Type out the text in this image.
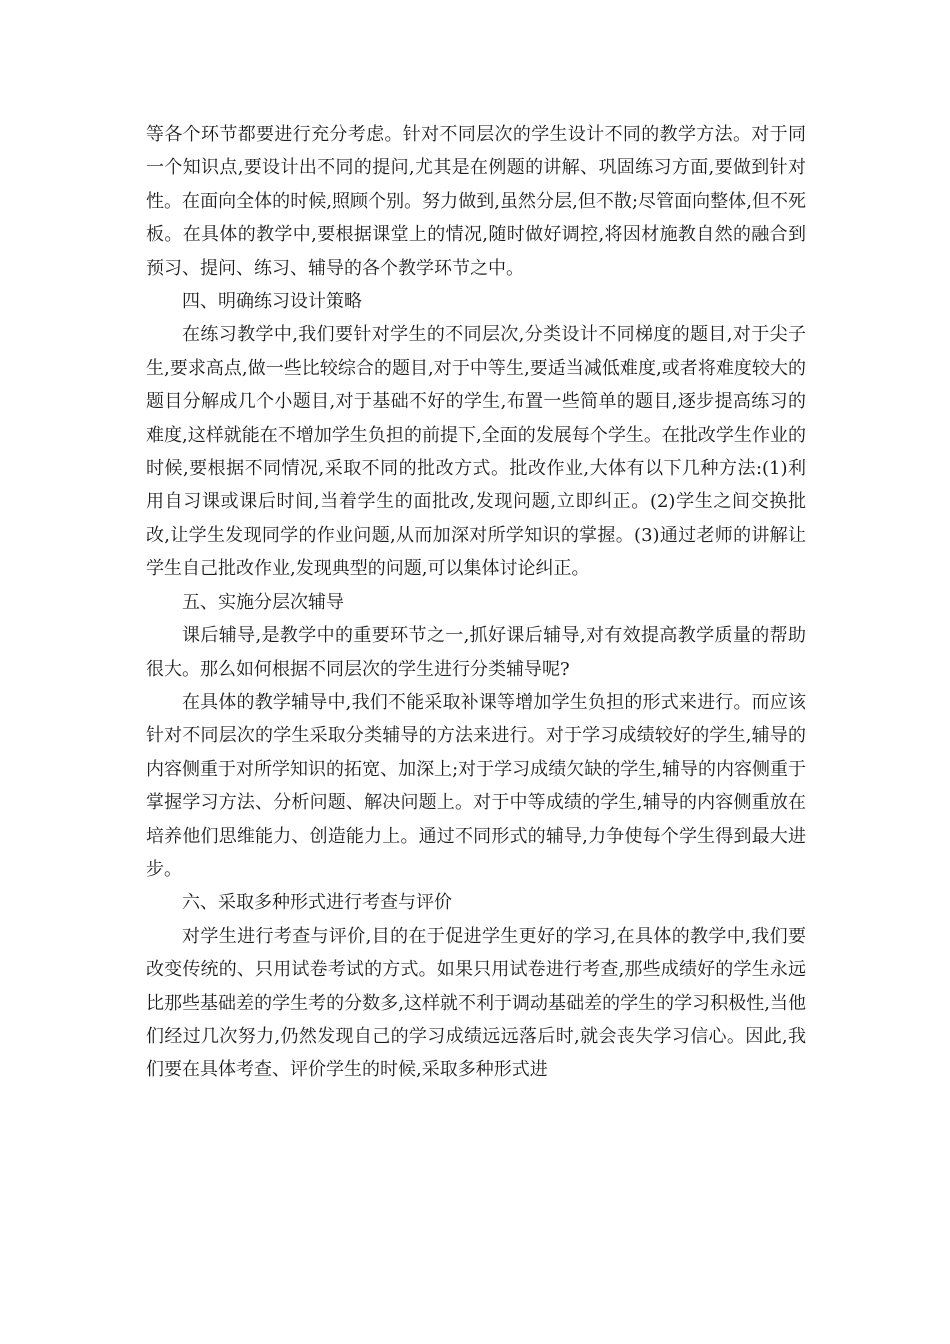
等各个环节都要进行充分考虑。针对不同层次的学生设计不同的教学方法。对于同一个知识点,要设计出不同的提问,尤其是在例题的讲解、巩固练习方面,要做到针对性。在面向全体的时候,照顾个别。努力做到,虽然分层,但不散;尽管面向整体,但不死板。在具体的教学中,要根据课堂上的情况,随时做好调控,将因材施教自然的融合到预习、提问、练习、辅导的各个教学环节之中。

四、明确练习设计策略

在练习教学中,我们要针对学生的不同层次,分类设计不同梯度的题目,对于尖子生,要求高点,做一些比较综合的题目,对于中等生,要适当减低难度,或者将难度较大的题目分解成几个小题目,对于基础不好的学生,布置一些简单的题目,逐步提高练习的难度,这样就能在不增加学生负担的前提下,全面的发展每个学生。在批改学生作业的时候,要根据不同情况,采取不同的批改方式。批改作业,大体有以下几种方法:(1)利用自习课或课后时间,当着学生的面批改,发现问题,立即纠正。(2)学生之间交换批改,让学生发现同学的作业问题,从而加深对所学知识的掌握。(3)通过老师的讲解让学生自己批改作业,发现典型的问题,可以集体讨论纠正。

五、实施分层次辅导

课后辅导,是教学中的重要环节之一,抓好课后辅导,对有效提高教学质量的帮助很大。那么如何根据不同层次的学生进行分类辅导呢?

在具体的教学辅导中,我们不能采取补课等增加学生负担的形式来进行。而应该针对不同层次的学生采取分类辅导的方法来进行。对于学习成绩较好的学生,辅导的内容侧重于对所学知识的拓宽、加深上;对于学习成绩欠缺的学生,辅导的内容侧重于掌握学习方法、分析问题、解决问题上。对于中等成绩的学生,辅导的内容侧重放在培养他们思维能力、创造能力上。通过不同形式的辅导,力争使每个学生得到最大进步。

六、采取多种形式进行考查与评价

对学生进行考查与评价,目的在于促进学生更好的学习,在具体的教学中,我们要改变传统的、只用试卷考试的方式。如果只用试卷进行考查,那些成绩好的学生永远比那些基础差的学生考的分数多,这样就不利于调动基础差的学生的学习积极性,当他们经过几次努力,仍然发现自己的学习成绩远远落后时,就会丧失学习信心。因此,我们要在具体考查、评价学生的时候,采取多种形式进
